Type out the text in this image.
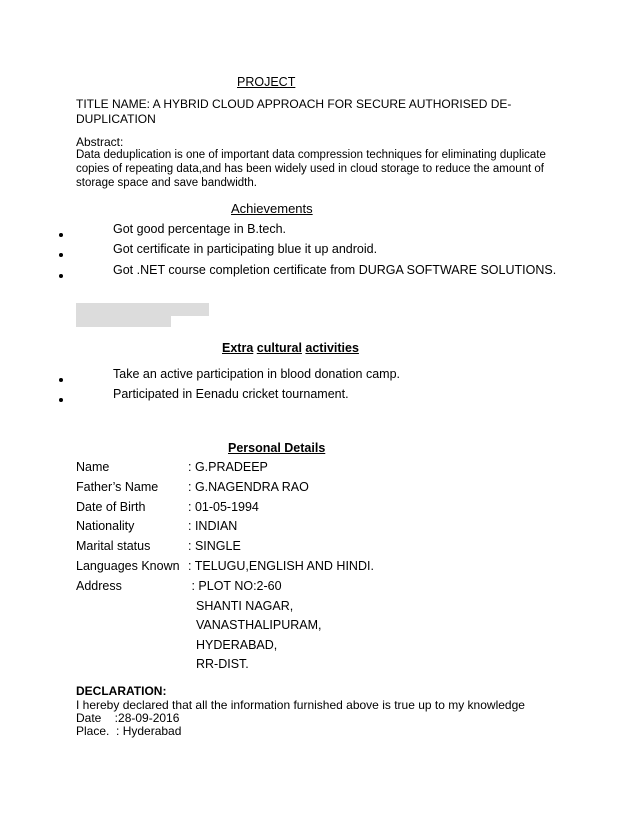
PROJECT
TITLE NAME: A HYBRID CLOUD APPROACH FOR SECURE AUTHORISED DE-DUPLICATION
Abstract:
Data deduplication is one of important data compression techniques for eliminating duplicate copies of repeating data,and has been widely used in cloud storage to reduce the amount of storage space and save bandwidth.
Achievements
Got good percentage in B.tech.
Got certificate in participating blue it up android.
Got .NET course completion certificate from DURGA SOFTWARE SOLUTIONS.
Extra cultural activities
Take an active participation in blood donation camp.
Participated in Eenadu cricket tournament.
Personal Details
Name	: G.PRADEEP
Father’s Name : G.NAGENDRA RAO
Date of Birth	: 01-05-1994
Nationality	: INDIAN
Marital status	: SINGLE
Languages Known : TELUGU,ENGLISH AND HINDI.
Address	: PLOT NO:2-60
SHANTI NAGAR,
VANASTHALIPURAM,
HYDERABAD,
RR-DIST.
DECLARATION:
I hereby declared that all the information furnished above is true up to my knowledge
Date    :28-09-2016
Place.  : Hyderabad
